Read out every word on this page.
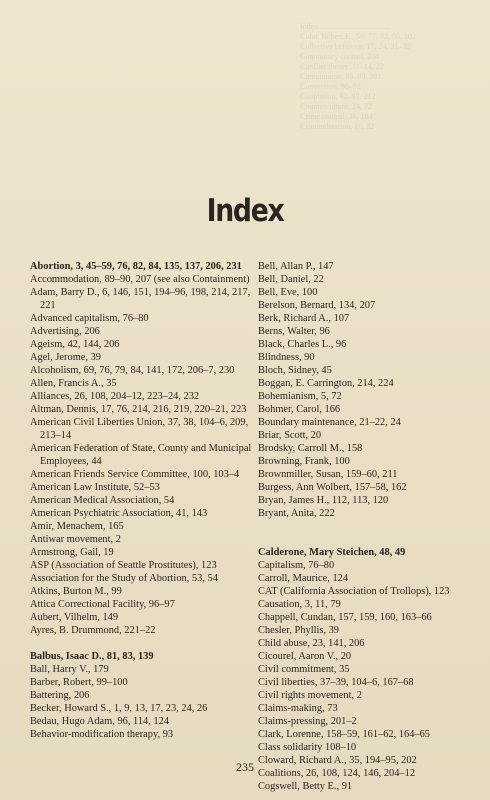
Index ...................................
Cohn, Robert E., 59, 77, 82, 86, 102
Collective behavior, 17, 24, 31–32
Community control, 204
Conflict theory, 11–14, 22
Containment, 89–90, 201
Conversion, 90–92
Cooptation, 92–93, 212
Counterculture, 24, 72
Crime control, 36, 104
Criminalization, 16, 82
Index
Abortion, 3, 45–59, 76, 82, 84, 135, 137, 206, 231
Accommodation, 89–90, 207 (see also Containment)
Adam, Barry D., 6, 146, 151, 194–96, 198, 214, 217, 221
Advanced capitalism, 76–80
Advertising, 206
Ageism, 42, 144, 206
Agel, Jerome, 39
Alcoholism, 69, 76, 79, 84, 141, 172, 206–7, 230
Allen, Francis A., 35
Alliances, 26, 108, 204–12, 223–24, 232
Altman, Dennis, 17, 76, 214, 216, 219, 220–21, 223
American Civil Liberties Union, 37, 38, 104–6, 209, 213–14
American Federation of State, County and Municipal Employees, 44
American Friends Service Committee, 100, 103–4
American Law Institute, 52–53
American Medical Association, 54
American Psychiatric Association, 41, 143
Amir, Menachem, 165
Antiwar movement, 2
Armstrong, Gail, 19
ASP (Association of Seattle Prostitutes), 123
Association for the Study of Abortion, 53, 54
Atkins, Burton M., 99
Attica Correctional Facility, 96–97
Aubert, Vilhelm, 149
Ayres, B. Drummond, 221–22
Balbus, Isaac D., 81, 83, 139
Ball, Harry V., 179
Barber, Robert, 99–100
Battering, 206
Becker, Howard S., 1, 9, 13, 17, 23, 24, 26
Bedau, Hugo Adam, 96, 114, 124
Behavior-modification therapy, 93
Bell, Allan P., 147
Bell, Daniel, 22
Bell, Eve, 100
Berelson, Bernard, 134, 207
Berk, Richard A., 107
Berns, Walter, 96
Black, Charles L., 96
Blindness, 90
Bloch, Sidney, 45
Boggan, E. Carrington, 214, 224
Bohemianism, 5, 72
Bohmer, Carol, 166
Boundary maintenance, 21–22, 24
Briar, Scott, 20
Brodsky, Carroll M., 158
Browning, Frank, 100
Brownmiller, Susan, 159–60, 211
Burgess, Ann Wolbert, 157–58, 162
Bryan, James H., 112, 113, 120
Bryant, Anita, 222
Calderone, Mary Steichen, 48, 49
Capitalism, 76–80
Carroll, Maurice, 124
CAT (California Association of Trollops), 123
Causation, 3, 11, 79
Chappell, Cundan, 157, 159, 160, 163–66
Chesler, Phyllis, 39
Child abuse, 23, 141, 206
Cicourel, Aaron V., 20
Civil commitment, 35
Civil liberties, 37–39, 104–6, 167–68
Civil rights movement, 2
Claims-making, 73
Claims-pressing, 201–2
Clark, Lorenne, 158–59, 161–62, 164–65
Class solidarity 108–10
Cloward, Richard A., 35, 194–95, 202
Coalitions, 26, 108, 124, 146, 204–12
Cogswell, Betty E., 91
235
